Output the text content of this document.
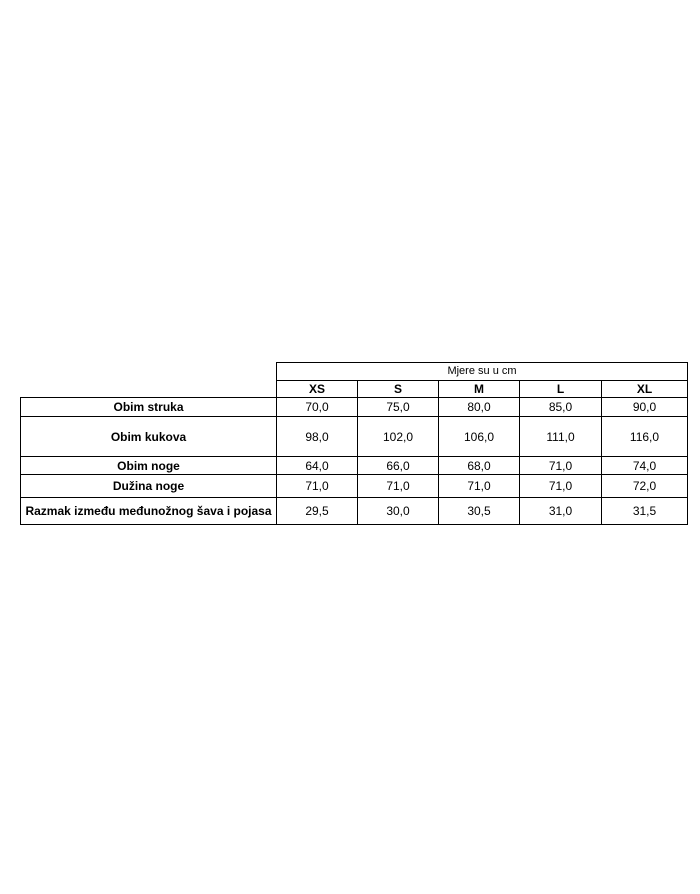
	Mjere su u cm				
	XS	S	M	L	XL
Obim struka	70,0	75,0	80,0	85,0	90,0
Obim kukova	98,0	102,0	106,0	111,0	116,0
Obim noge	64,0	66,0	68,0	71,0	74,0
Dužina noge	71,0	71,0	71,0	71,0	72,0
Razmak između međunožnog šava i pojasa	29,5	30,0	30,5	31,0	31,5
